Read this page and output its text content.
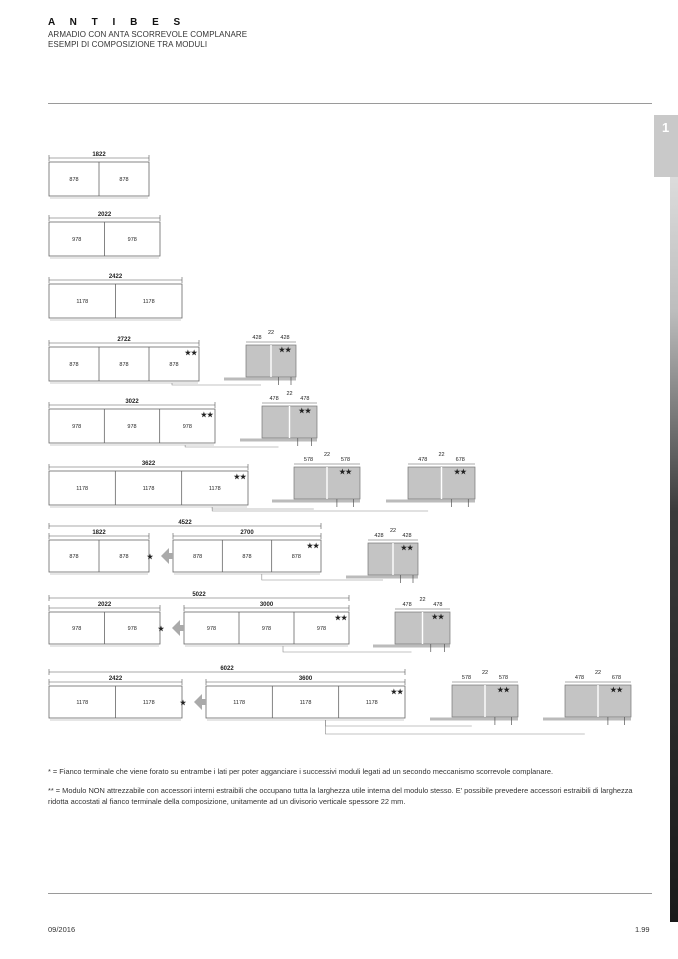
A N T I B E S
ARMADIO CON ANTA SCORREVOLE COMPLANARE
ESEMPI DI COMPOSIZIONE TRA MODULI
1
1822
878	878
2022
978	978
2422
1178	1178
2722
878	878	878
★★
428
22
428
★★
3022
978	978	978
★★
478
22
478
★★
3622
1178	1178	1178
★★
578
22
578
★★
478
22
678
★★
4522
1822	2700
878	878	878	878	878
★
★★
428
22
428
★★
5022
2022	3000
978	978	978	978	978
★
★★
478
22
478
★★
6022
2422	3600
1178	1178	1178	1178	1178
★
★★
578
22
578
★★
478
22
678
★★
* = Fianco terminale che viene forato su entrambe i lati per poter agganciare i successivi moduli legati ad un secondo meccanismo scorrevole complanare.
** = Modulo NON attrezzabile con accessori interni estraibili che occupano tutta la larghezza utile interna del modulo stesso. E' possibile prevedere accessori estraibili di larghezza ridotta accostati al fianco terminale della composizione, unitamente ad un divisorio verticale spessore 22 mm.
09/2016	1.99
